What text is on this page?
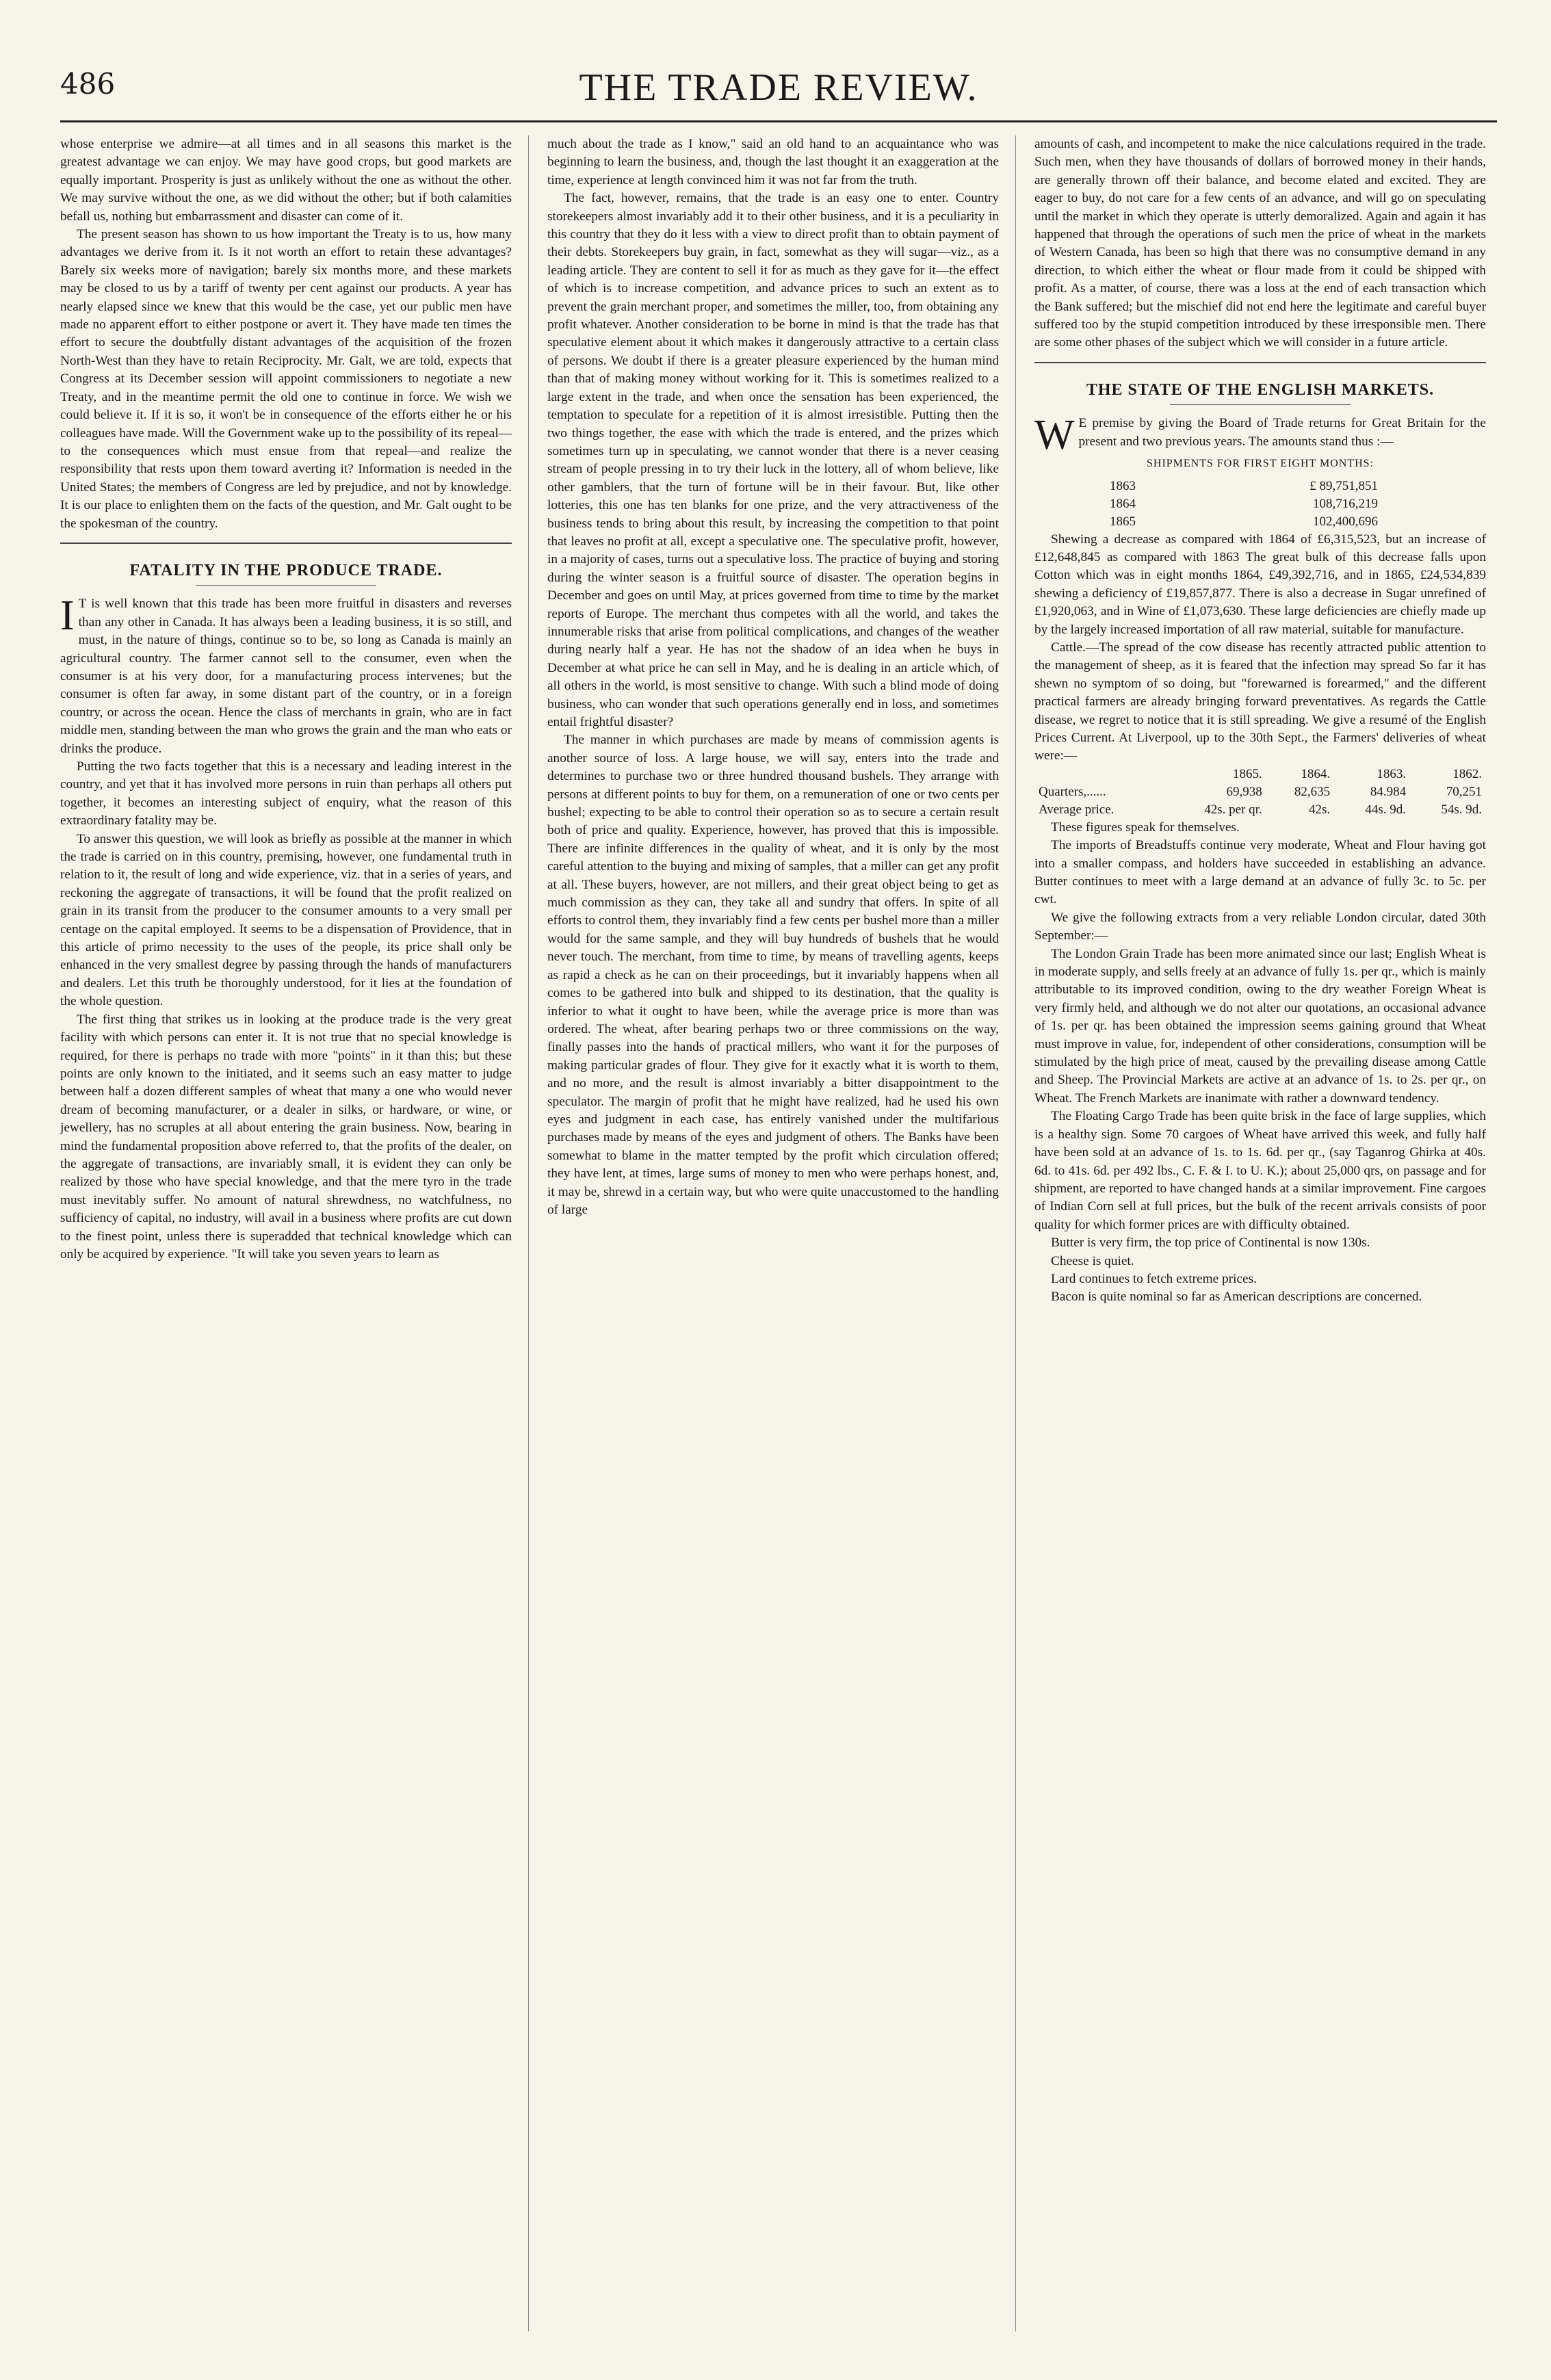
486	THE TRADE REVIEW.

whose enterprise we admire—at all times and in all seasons this market is the greatest advantage we can enjoy. We may have good crops, but good markets are equally important. Prosperity is just as unlikely without the one as without the other. We may survive without the one, as we did without the other; but if both calamities befall us, nothing but embarrassment and disaster can come of it.

The present season has shown to us how important the Treaty is to us, how many advantages we derive from it. Is it not worth an effort to retain these advantages? Barely six weeks more of navigation; barely six months more, and these markets may be closed to us by a tariff of twenty per cent against our products. A year has nearly elapsed since we knew that this would be the case, yet our public men have made no apparent effort to either postpone or avert it. They have made ten times the effort to secure the doubtfully distant advantages of the acquisition of the frozen North-West than they have to retain Reciprocity. Mr. Galt, we are told, expects that Congress at its December session will appoint commissioners to negotiate a new Treaty, and in the meantime permit the old one to continue in force. We wish we could believe it. If it is so, it won't be in consequence of the efforts either he or his colleagues have made. Will the Government wake up to the possibility of its repeal—to the consequences which must ensue from that repeal—and realize the responsibility that rests upon them toward averting it? Information is needed in the United States; the members of Congress are led by prejudice, and not by knowledge. It is our place to enlighten them on the facts of the question, and Mr. Galt ought to be the spokesman of the country.

FATALITY IN THE PRODUCE TRADE.

I T is well known that this trade has been more fruitful in disasters and reverses than any other in Canada. It has always been a leading business, it is so still, and must, in the nature of things, continue so to be, so long as Canada is mainly an agricultural country. The farmer cannot sell to the consumer, even when the consumer is at his very door, for a manufacturing process intervenes; but the consumer is often far away, in some distant part of the country, or in a foreign country, or across the ocean. Hence the class of merchants in grain, who are in fact middle men, standing between the man who grows the grain and the man who eats or drinks the produce.

Putting the two facts together that this is a necessary and leading interest in the country, and yet that it has involved more persons in ruin than perhaps all others put together, it becomes an interesting subject of enquiry, what the reason of this extraordinary fatality may be.

To answer this question, we will look as briefly as possible at the manner in which the trade is carried on in this country, premising, however, one fundamental truth in relation to it, the result of long and wide experience, viz. that in a series of years, and reckoning the aggregate of transactions, it will be found that the profit realized on grain in its transit from the producer to the consumer amounts to a very small per centage on the capital employed. It seems to be a dispensation of Providence, that in this article of primo necessity to the uses of the people, its price shall only be enhanced in the very smallest degree by passing through the hands of manufacturers and dealers. Let this truth be thoroughly understood, for it lies at the foundation of the whole question.

The first thing that strikes us in looking at the produce trade is the very great facility with which persons can enter it. It is not true that no special knowledge is required, for there is perhaps no trade with more "points" in it than this; but these points are only known to the initiated, and it seems such an easy matter to judge between half a dozen different samples of wheat that many a one who would never dream of becoming manufacturer, or a dealer in silks, or hardware, or wine, or jewellery, has no scruples at all about entering the grain business. Now, bearing in mind the fundamental proposition above referred to, that the profits of the dealer, on the aggregate of transactions, are invariably small, it is evident they can only be realized by those who have special knowledge, and that the mere tyro in the trade must inevitably suffer. No amount of natural shrewdness, no watchfulness, no sufficiency of capital, no industry, will avail in a business where profits are cut down to the finest point, unless there is superadded that technical knowledge which can only be acquired by experience. "It will take you seven years to learn as

much about the trade as I know," said an old hand to an acquaintance who was beginning to learn the business, and, though the last thought it an exaggeration at the time, experience at length convinced him it was not far from the truth.

The fact, however, remains, that the trade is an easy one to enter. Country storekeepers almost invariably add it to their other business, and it is a peculiarity in this country that they do it less with a view to direct profit than to obtain payment of their debts. Storekeepers buy grain, in fact, somewhat as they will sugar—viz., as a leading article. They are content to sell it for as much as they gave for it—the effect of which is to increase competition, and advance prices to such an extent as to prevent the grain merchant proper, and sometimes the miller, too, from obtaining any profit whatever. Another consideration to be borne in mind is that the trade has that speculative element about it which makes it dangerously attractive to a certain class of persons. We doubt if there is a greater pleasure experienced by the human mind than that of making money without working for it. This is sometimes realized to a large extent in the trade, and when once the sensation has been experienced, the temptation to speculate for a repetition of it is almost irresistible. Putting then the two things together, the ease with which the trade is entered, and the prizes which sometimes turn up in speculating, we cannot wonder that there is a never ceasing stream of people pressing in to try their luck in the lottery, all of whom believe, like other gamblers, that the turn of fortune will be in their favour. But, like other lotteries, this one has ten blanks for one prize, and the very attractiveness of the business tends to bring about this result, by increasing the competition to that point that leaves no profit at all, except a speculative one. The speculative profit, however, in a majority of cases, turns out a speculative loss. The practice of buying and storing during the winter season is a fruitful source of disaster. The operation begins in December and goes on until May, at prices governed from time to time by the market reports of Europe. The merchant thus competes with all the world, and takes the innumerable risks that arise from political complications, and changes of the weather during nearly half a year. He has not the shadow of an idea when he buys in December at what price he can sell in May, and he is dealing in an article which, of all others in the world, is most sensitive to change. With such a blind mode of doing business, who can wonder that such operations generally end in loss, and sometimes entail frightful disaster?

The manner in which purchases are made by means of commission agents is another source of loss. A large house, we will say, enters into the trade and determines to purchase two or three hundred thousand bushels. They arrange with persons at different points to buy for them, on a remuneration of one or two cents per bushel; expecting to be able to control their operation so as to secure a certain result both of price and quality. Experience, however, has proved that this is impossible. There are infinite differences in the quality of wheat, and it is only by the most careful attention to the buying and mixing of samples, that a miller can get any profit at all. These buyers, however, are not millers, and their great object being to get as much commission as they can, they take all and sundry that offers. In spite of all efforts to control them, they invariably find a few cents per bushel more than a miller would for the same sample, and they will buy hundreds of bushels that he would never touch. The merchant, from time to time, by means of travelling agents, keeps as rapid a check as he can on their proceedings, but it invariably happens when all comes to be gathered into bulk and shipped to its destination, that the quality is inferior to what it ought to have been, while the average price is more than was ordered. The wheat, after bearing perhaps two or three commissions on the way, finally passes into the hands of practical millers, who want it for the purposes of making particular grades of flour. They give for it exactly what it is worth to them, and no more, and the result is almost invariably a bitter disappointment to the speculator. The margin of profit that he might have realized, had he used his own eyes and judgment in each case, has entirely vanished under the multifarious purchases made by means of the eyes and judgment of others. The Banks have been somewhat to blame in the matter tempted by the profit which circulation offered; they have lent, at times, large sums of money to men who were perhaps honest, and, it may be, shrewd in a certain way, but who were quite unaccustomed to the handling of large

amounts of cash, and incompetent to make the nice calculations required in the trade. Such men, when they have thousands of dollars of borrowed money in their hands, are generally thrown off their balance, and become elated and excited. They are eager to buy, do not care for a few cents of an advance, and will go on speculating until the market in which they operate is utterly demoralized. Again and again it has happened that through the operations of such men the price of wheat in the markets of Western Canada, has been so high that there was no consumptive demand in any direction, to which either the wheat or flour made from it could be shipped with profit. As a matter, of course, there was a loss at the end of each transaction which the Bank suffered; but the mischief did not end here the legitimate and careful buyer suffered too by the stupid competition introduced by these irresponsible men. There are some other phases of the subject which we will consider in a future article.

THE STATE OF THE ENGLISH MARKETS.

W E premise by giving the Board of Trade returns for Great Britain for the present and two previous years. The amounts stand thus :—

SHIPMENTS FOR FIRST EIGHT MONTHS:
1863	£ 89,751,851	
1864	108,716,219	
1865	102,400,696	

Shewing a decrease as compared with 1864 of £6,315,523, but an increase of £12,648,845 as compared with 1863 The great bulk of this decrease falls upon Cotton which was in eight months 1864, £49,392,716, and in 1865, £24,534,839 shewing a deficiency of £19,857,877. There is also a decrease in Sugar unrefined of £1,920,063, and in Wine of £1,073,630. These large deficiencies are chiefly made up by the largely increased importation of all raw material, suitable for manufacture.

Cattle.—The spread of the cow disease has recently attracted public attention to the management of sheep, as it is feared that the infection may spread So far it has shewn no symptom of so doing, but "forewarned is forearmed," and the different practical farmers are already bringing forward preventatives. As regards the Cattle disease, we regret to notice that it is still spreading. We give a resumé of the English Prices Current. At Liverpool, up to the 30th Sept., the Farmers' deliveries of wheat were:—

	1865.	1864.	1863.	1862.
Quarters,......	69,938	82,635	84.984	70,251
Average price.	42s. per qr.	42s.	44s. 9d.	54s. 9d.

These figures speak for themselves.

The imports of Breadstuffs continue very moderate, Wheat and Flour having got into a smaller compass, and holders have succeeded in establishing an advance. Butter continues to meet with a large demand at an advance of fully 3c. to 5c. per cwt.

We give the following extracts from a very reliable London circular, dated 30th September:—

The London Grain Trade has been more animated since our last; English Wheat is in moderate supply, and sells freely at an advance of fully 1s. per qr., which is mainly attributable to its improved condition, owing to the dry weather Foreign Wheat is very firmly held, and although we do not alter our quotations, an occasional advance of 1s. per qr. has been obtained the impression seems gaining ground that Wheat must improve in value, for, independent of other considerations, consumption will be stimulated by the high price of meat, caused by the prevailing disease among Cattle and Sheep. The Provincial Markets are active at an advance of 1s. to 2s. per qr., on Wheat. The French Markets are inanimate with rather a downward tendency.

The Floating Cargo Trade has been quite brisk in the face of large supplies, which is a healthy sign. Some 70 cargoes of Wheat have arrived this week, and fully half have been sold at an advance of 1s. to 1s. 6d. per qr., (say Taganrog Ghirka at 40s. 6d. to 41s. 6d. per 492 lbs., C. F. & I. to U. K.); about 25,000 qrs, on passage and for shipment, are reported to have changed hands at a similar improvement. Fine cargoes of Indian Corn sell at full prices, but the bulk of the recent arrivals consists of poor quality for which former prices are with difficulty obtained.

Butter is very firm, the top price of Continental is now 130s.

Cheese is quiet.

Lard continues to fetch extreme prices.

Bacon is quite nominal so far as American descriptions are concerned.
